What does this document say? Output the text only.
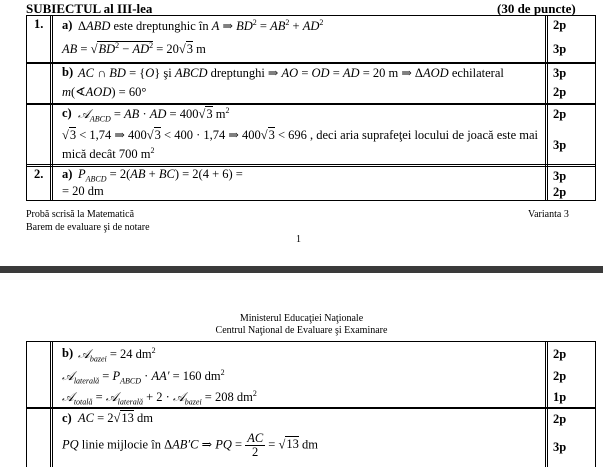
SUBIECTUL al III-lea	(30 de puncte)
1. a) ΔABD este dreptunghic în A ⇒ $BD^2 = AB^2 + AD^2$
AB = $√BD^2 - AD^2 = 20√3$ m
2p
3p
b) AC ∩ BD = {O} şi ABCD dreptunghi ⇒ AO = OD = AD = 20 m ⇒ ΔAOD echilateral
m(∢AOD) = 60°
3p
2p
c) 𝒜$_{ABCD}$ = AB · AD = 400√3 $m^2$
√3 < 1,74 ⇒ 400√3 < 400 · 1,74 ⇒ 400√3 < 696 , deci aria suprafeţei locului de joacă este mai
mică decât 700 $m^2$
2p
3p
2. a) $P_{ABCD} = 2(AB + BC) = 2(4 + 6)$ =
= 20 dm
3p
2p
Probă scrisă la Matematică
Barem de evaluare şi de notare
Varianta 3
1
Ministerul Educaţiei Naţionale
Centrul Naţional de Evaluare şi Examinare
b) 𝒜$_{bazei}$ = 24 $dm^2$
𝒜$_{laterală}$ = $P_{ABCD} \cdot AA' = 160$ $dm^2$
𝒜$_{totală}$ = 𝒜$_{laterală}$ + 2 · 𝒜$_{bazei}$ = 208 $dm^2$
2p
2p
1p
c) AC = 2√13 dm
PQ linie mijlocie în ΔAB′C ⇒ PQ = $\frac{AC}{2} = √13$ dm
2p
3p
